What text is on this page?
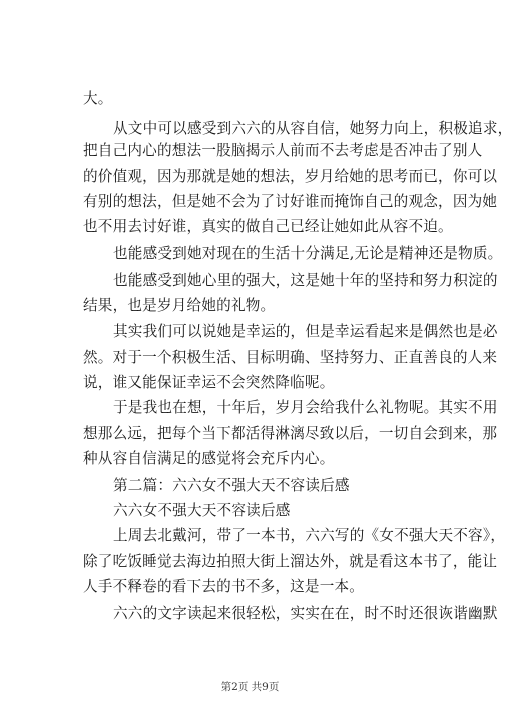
大。
从文中可以感受到六六的从容自信，她努力向上，积极追求，
把自己内心的想法一股脑揭示人前而不去考虑是否冲击了别人
的价值观，因为那就是她的想法，岁月给她的思考而已，你可以
有别的想法，但是她不会为了讨好谁而掩饰自己的观念，因为她
也不用去讨好谁，真实的做自己已经让她如此从容不迫。
也能感受到她对现在的生活十分满足,无论是精神还是物质。
也能感受到她心里的强大，这是她十年的坚持和努力积淀的
结果，也是岁月给她的礼物。
其实我们可以说她是幸运的，但是幸运看起来是偶然也是必
然。对于一个积极生活、目标明确、坚持努力、正直善良的人来
说，谁又能保证幸运不会突然降临呢。
于是我也在想，十年后，岁月会给我什么礼物呢。其实不用
想那么远，把每个当下都活得淋漓尽致以后，一切自会到来，那
种从容自信满足的感觉将会充斥内心。
第二篇：六六女不强大天不容读后感
六六女不强大天不容读后感
上周去北戴河，带了一本书，六六写的《女不强大天不容》，
除了吃饭睡觉去海边拍照大街上溜达外，就是看这本书了，能让
人手不释卷的看下去的书不多，这是一本。
六六的文字读起来很轻松，实实在在，时不时还很诙谐幽默
第2页 共9页
